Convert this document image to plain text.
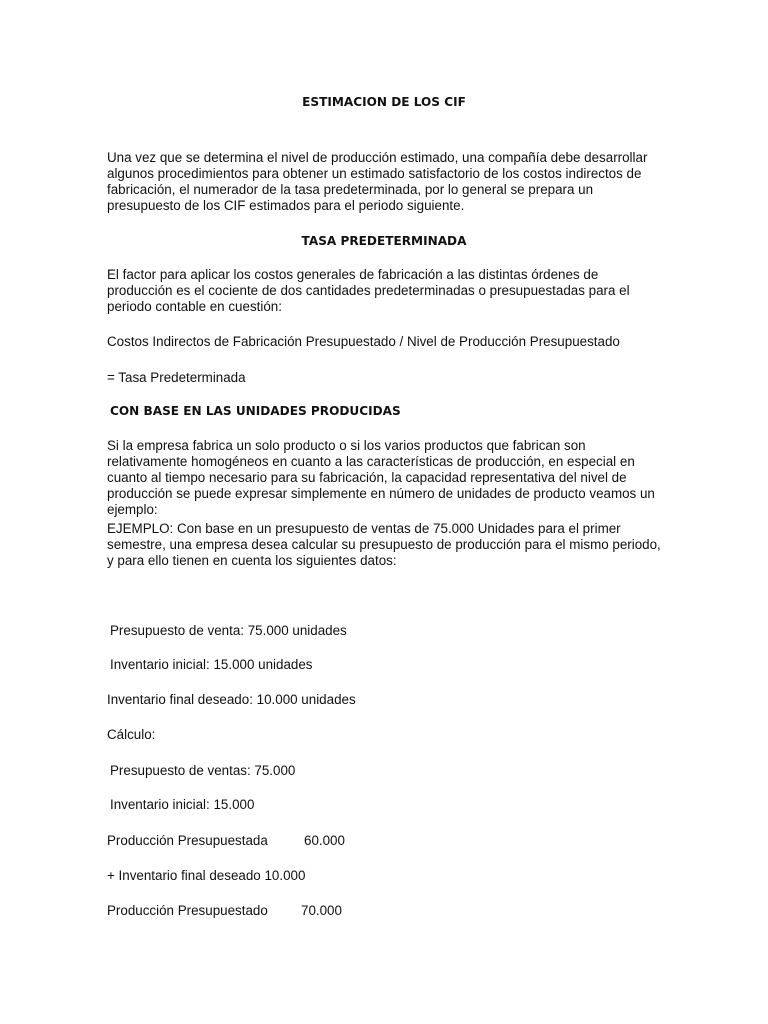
ESTIMACION DE LOS CIF

Una vez que se determina el nivel de producción estimado, una compañía debe desarrollar algunos procedimientos para obtener un estimado satisfactorio de los costos indirectos de fabricación, el numerador de la tasa predeterminada, por lo general se prepara un presupuesto de los CIF estimados para el periodo siguiente.

TASA PREDETERMINADA

El factor para aplicar los costos generales de fabricación a las distintas órdenes de producción es el cociente de dos cantidades predeterminadas o presupuestadas para el periodo contable en cuestión:

Costos Indirectos de Fabricación Presupuestado / Nivel de Producción Presupuestado

= Tasa Predeterminada

CON BASE EN LAS UNIDADES PRODUCIDAS

Si la empresa fabrica un solo producto o si los varios productos que fabrican son relativamente homogéneos en cuanto a las características de producción, en especial en cuanto al tiempo necesario para su fabricación, la capacidad representativa del nivel de producción se puede expresar simplemente en número de unidades de producto veamos un ejemplo:

EJEMPLO: Con base en un presupuesto de ventas de 75.000 Unidades para el primer semestre, una empresa desea calcular su presupuesto de producción para el mismo periodo, y para ello tienen en cuenta los siguientes datos:

Presupuesto de venta: 75.000 unidades

Inventario inicial: 15.000 unidades

Inventario final deseado: 10.000 unidades

Cálculo:

Presupuesto de ventas: 75.000

Inventario inicial: 15.000

Producción Presupuestada	60.000

+ Inventario final deseado 10.000

Producción Presupuestado 70.000
